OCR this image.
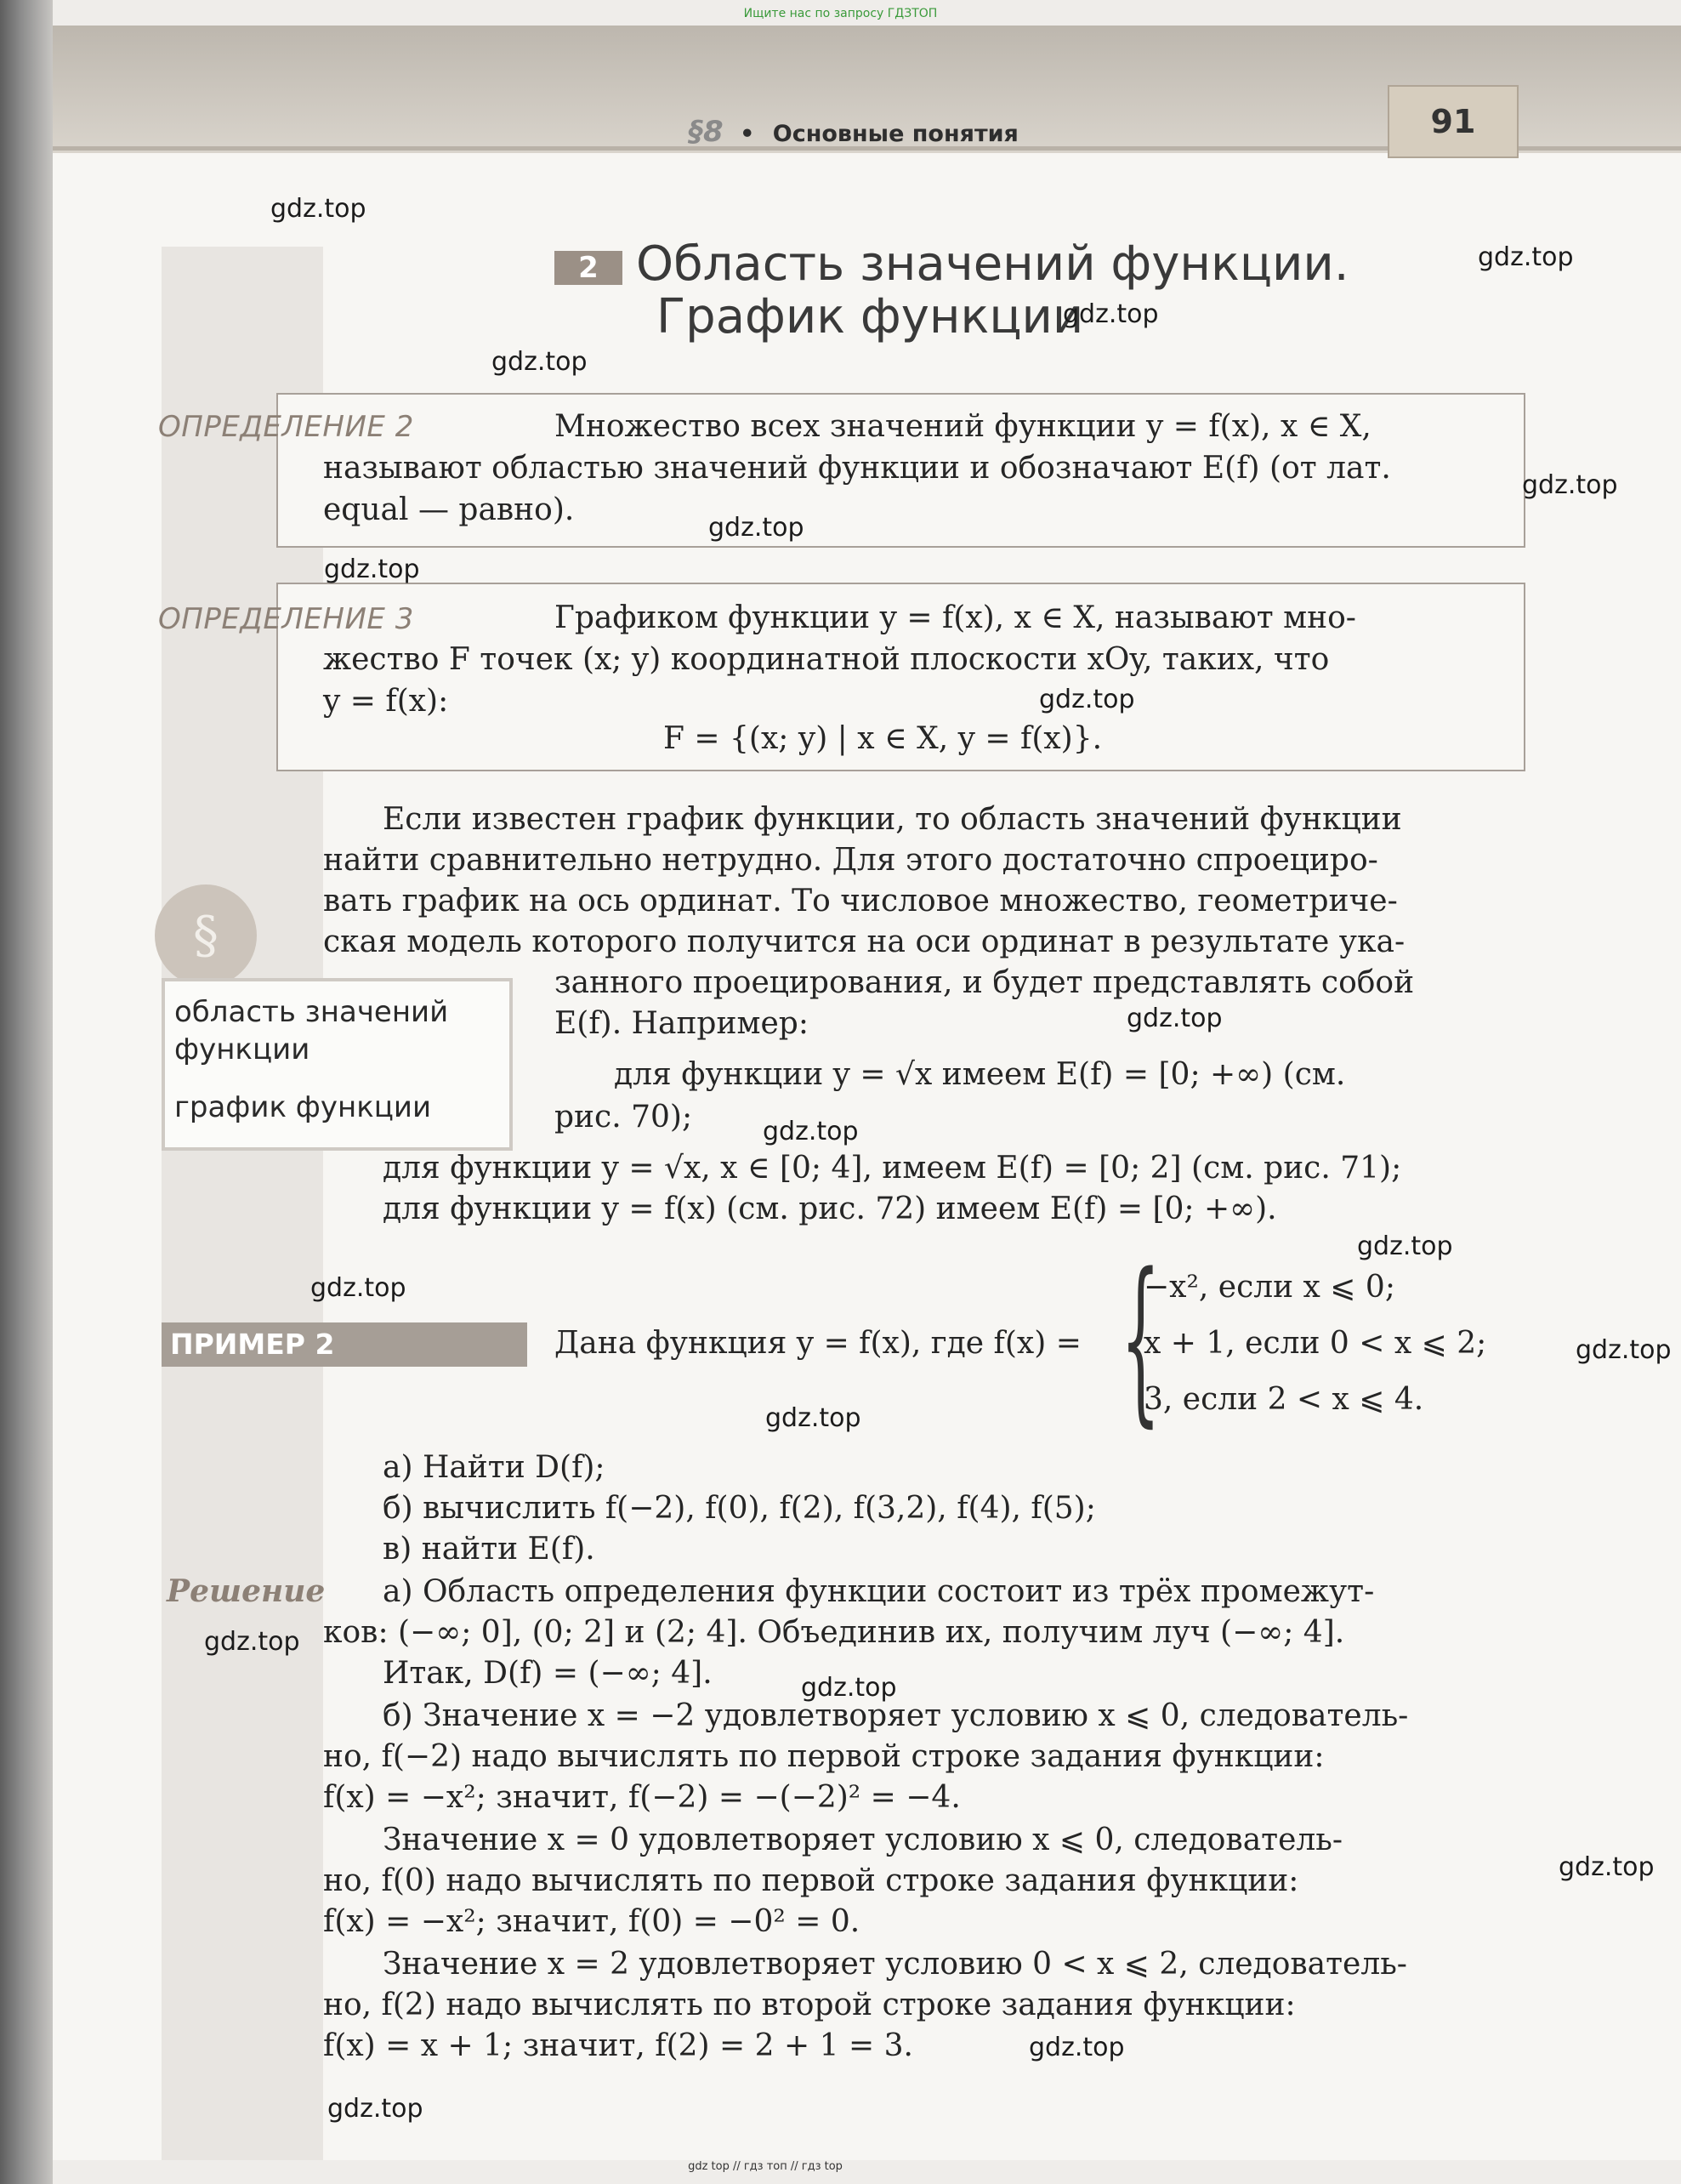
Ищите нас по запросу ГДЗТОП
§8 • Основные понятия	91
2 Область значений функции.
График функции
ОПРЕДЕЛЕНИЕ 2	Множество всех значений функции y = f(x), x ∈ X,
называют областью значений функции и обозначают E(f) (от лат.
equal — равно).
ОПРЕДЕЛЕНИЕ 3	Графиком функции y = f(x), x ∈ X, называют мно-
жество F точек (x; y) координатной плоскости xOy, таких, что
y = f(x):
F = {(x; y) | x ∈ X, y = f(x)}.
Если известен график функции, то область значений функции
найти сравнительно нетрудно. Для этого достаточно спроециро-
вать график на ось ординат. То числовое множество, геометриче-
ская модель которого получится на оси ординат в результате ука-
занного проецирования, и будет представлять собой
E(f). Например:
для функции y = √x имеем E(f) = [0; +∞) (см.
рис. 70);
для функции y = √x, x ∈ [0; 4], имеем E(f) = [0; 2] (см. рис. 71);
для функции y = f(x) (см. рис. 72) имеем E(f) = [0; +∞).
§
область значений
функции
график функции
ПРИМЕР 2	Дана функция y = f(x), где f(x) = {
−x², если x ⩽ 0;
x + 1, если 0 < x ⩽ 2;
3, если 2 < x ⩽ 4.
а) Найти D(f);
б) вычислить f(−2), f(0), f(2), f(3,2), f(4), f(5);
в) найти E(f).
Решение а) Область определения функции состоит из трёх промежут-
ков: (−∞; 0], (0; 2] и (2; 4]. Объединив их, получим луч (−∞; 4].
Итак, D(f) = (−∞; 4].
б) Значение x = −2 удовлетворяет условию x ⩽ 0, следователь-
но, f(−2) надо вычислять по первой строке задания функции:
f(x) = −x²; значит, f(−2) = −(−2)² = −4.
Значение x = 0 удовлетворяет условию x ⩽ 0, следователь-
но, f(0) надо вычислять по первой строке задания функции:
f(x) = −x²; значит, f(0) = −0² = 0.
Значение x = 2 удовлетворяет условию 0 < x ⩽ 2, следователь-
но, f(2) надо вычислять по второй строке задания функции:
f(x) = x + 1; значит, f(2) = 2 + 1 = 3.
gdz.top
gdz.top
gdz.top
gdz.top
gdz.top
gdz.top
gdz.top
gdz.top
gdz.top
gdz.top
gdz.top
gdz.top
gdz.top
gdz.top
gdz.top
gdz.top
gdz.top
gdz.top
gdz.top
gdz top // гдз топ // гдз top
